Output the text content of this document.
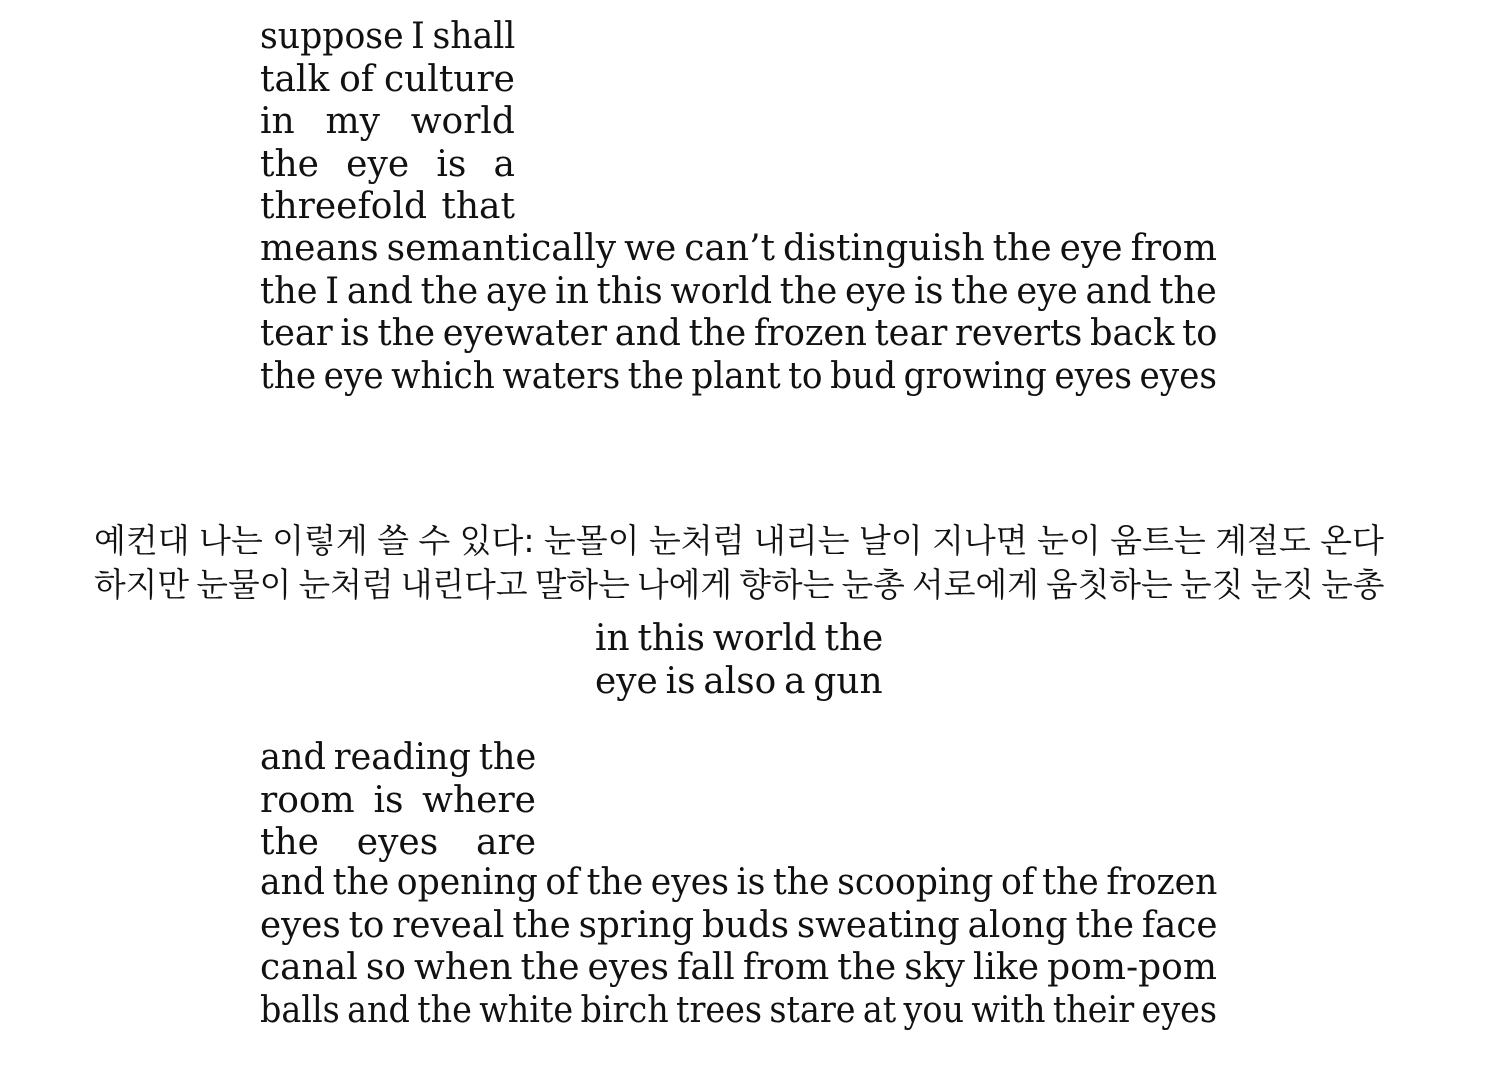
suppose I shall
talk of culture
in my world
the eye is a
threefold that
means semantically we can’t distinguish the eye from
the I and the aye in this world the eye is the eye and the
tear is the eyewater and the frozen tear reverts back to
the eye which waters the plant to bud growing eyes eyes
예컨대 나는 이렇게 쓸 수 있다: 눈몰이 눈처럼 내리는 날이 지나면 눈이 움트는 계절도 온다
하지만 눈물이 눈처럼 내린다고 말하는 나에게 향하는 눈총 서로에게 움칫하는 눈짓 눈짓 눈총
in this world the
eye is also a gun
and reading the
room is where
the eyes are
and the opening of the eyes is the scooping of the frozen
eyes to reveal the spring buds sweating along the face
canal so when the eyes fall from the sky like pom-pom
balls and the white birch trees stare at you with their eyes
